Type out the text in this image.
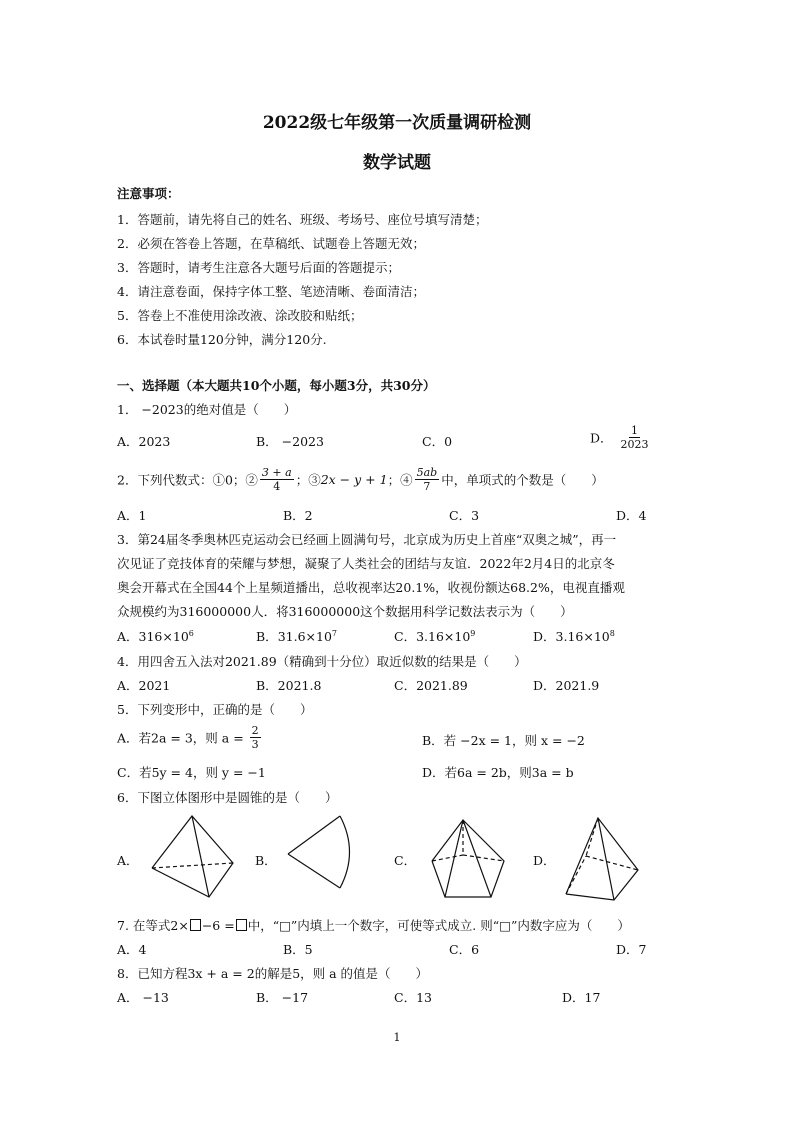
2022级七年级第一次质量调研检测
数学试题
注意事项：
1．答题前，请先将自己的姓名、班级、考场号、座位号填写清楚；
2．必须在答卷上答题，在草稿纸、试题卷上答题无效；
3．答题时，请考生注意各大题号后面的答题提示；
4．请注意卷面，保持字体工整、笔迹清晰、卷面清洁；
5．答卷上不准使用涂改液、涂改胶和贴纸；
6．本试卷时量120分钟，满分120分.
一、选择题（本大题共10个小题，每小题3分，共30分）
1． −2023的绝对值是（　　）
A．2023	B． −2023	C．0	D． $\frac{1}{2023}$
2．下列代数式：①0；② $\frac{3 + a}{4}$ ；③2x − y + 1；④ $\frac{5ab}{7}$ 中，单项式的个数是（　　）
A．1	B．2	C．3	D．4
3．第24届冬季奥林匹克运动会已经画上圆满句号，北京成为历史上首座“双奥之城”，再一
次见证了竞技体育的荣耀与梦想，凝聚了人类社会的团结与友谊．2022年2月4日的北京冬
奥会开幕式在全国44个上星频道播出，总收视率达20.1%，收视份额达68.2%，电视直播观
众规模约为316000000人．将316000000这个数据用科学记数法表示为（　　）
A．$316\times 10^6$	B．$31.6\times 10^7$	C．$3.16\times 10^9$	D．$3.16\times 10^8$
4．用四舍五入法对2021.89（精确到十分位）取近似数的结果是（　　）
A．2021	B．2021.8	C．2021.89	D．2021.9
5．下列变形中，正确的是（　　）
A．若2a = 3，则 $a = \frac{2}{3}$	B．若 −2x = 1，则 x = −2
C．若5y = 4，则 y = −1	D．若6a = 2b，则3a = b
6．下图立体图形中是圆锥的是（　　）
A．	B．	C．	D．
7. 在等式2× −6 = 中，“□”内填上一个数字，可使等式成立. 则“□”内数字应为（　　）
A．4	B．5	C．6	D．7
8．已知方程3x + a = 2的解是5，则 a 的值是（　　）
A． −13	B． −17	C．13	D．17
1
